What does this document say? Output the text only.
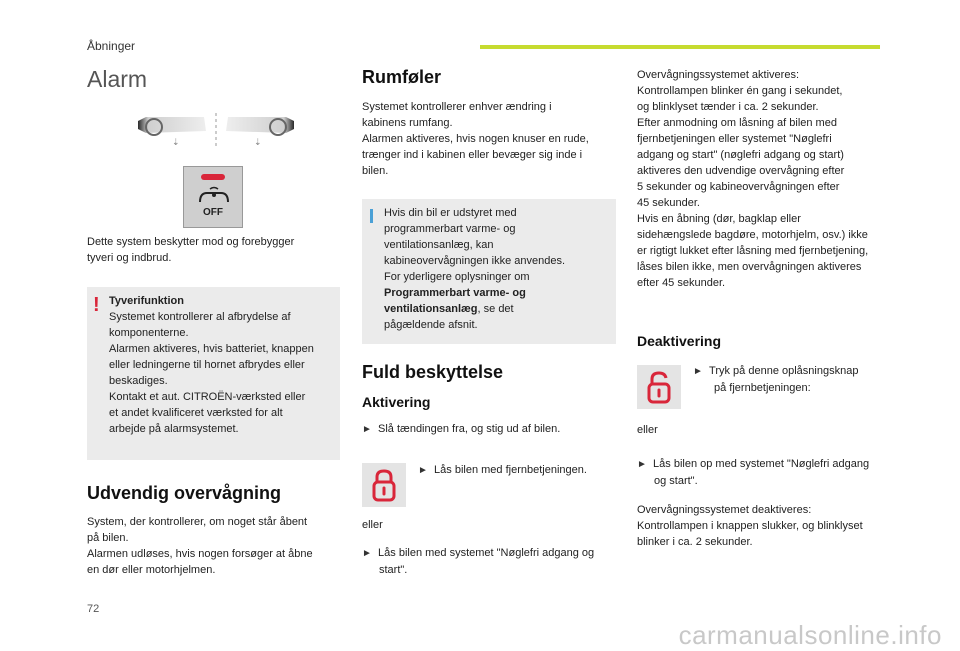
Åbninger
Alarm
⇣	⇣
OFF
Dette system beskytter mod og forebygger
tyveri og indbrud.
! Tyverifunktion
Systemet kontrollerer al afbrydelse af
komponenterne.
Alarmen aktiveres, hvis batteriet, knappen
eller ledningerne til hornet afbrydes eller
beskadiges.
Kontakt et aut. CITROËN-værksted eller
et andet kvalificeret værksted for alt
arbejde på alarmsystemet.
Udvendig overvågning
System, der kontrollerer, om noget står åbent
på bilen.
Alarmen udløses, hvis nogen forsøger at åbne
en dør eller motorhjelmen.
Rumføler
Systemet kontrollerer enhver ændring i
kabinens rumfang.
Alarmen aktiveres, hvis nogen knuser en rude,
trænger ind i kabinen eller bevæger sig inde i
bilen.
Hvis din bil er udstyret med
programmerbart varme- og
ventilationsanlæg, kan
kabineovervågningen ikke anvendes.
For yderligere oplysninger om
Programmerbart varme- og
ventilationsanlæg, se det
pågældende afsnit.
Fuld beskyttelse
Aktivering
► Slå tændingen fra, og stig ud af bilen.
► Lås bilen med fjernbetjeningen.
eller
► Lås bilen med systemet "Nøglefri adgang og
start".
Overvågningssystemet aktiveres:
Kontrollampen blinker én gang i sekundet,
og blinklyset tænder i ca. 2 sekunder.
Efter anmodning om låsning af bilen med
fjernbetjeningen eller systemet "Nøglefri
adgang og start" (nøglefri adgang og start)
aktiveres den udvendige overvågning efter
5 sekunder og kabineovervågningen efter
45 sekunder.
Hvis en åbning (dør, bagklap eller
sidehængslede bagdøre, motorhjelm, osv.) ikke
er rigtigt lukket efter låsning med fjernbetjening,
låses bilen ikke, men overvågningen aktiveres
efter 45 sekunder.
Deaktivering
► Tryk på denne oplåsningsknap
på fjernbetjeningen:
eller
► Lås bilen op med systemet "Nøglefri adgang
og start".
Overvågningssystemet deaktiveres:
Kontrollampen i knappen slukker, og blinklyset
blinker i ca. 2 sekunder.
72
carmanualsonline.info
